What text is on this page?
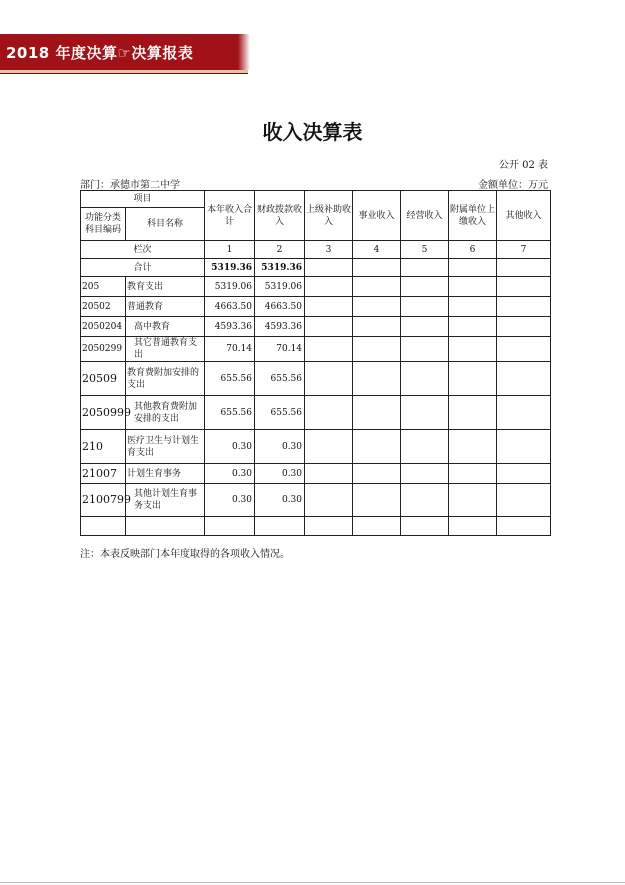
2018 年度决算☞决算报表
收入决算表
公开 02 表
部门：承德市第二中学	金额单位：万元
项目		本年收入合计	财政拨款收入	上级补助收入	事业收入	经营收入	附属单位上缴收入	其他收入
功能分类科目编码	科目名称							
栏次		1	2	3	4	5	6	7
合计		5319.36	5319.36					
205	教育支出	5319.06	5319.06					
20502	普通教育	4663.50	4663.50					
2050204	高中教育	4593.36	4593.36					
2050299	其它普通教育支出	70.14	70.14					
20509	教育费附加安排的支出	655.56	655.56					
2050999	其他教育费附加安排的支出	655.56	655.56					
210	医疗卫生与计划生育支出	0.30	0.30					
21007	计划生育事务	0.30	0.30					
2100799	其他计划生育事务支出	0.30	0.30					

注：本表反映部门本年度取得的各项收入情况。
